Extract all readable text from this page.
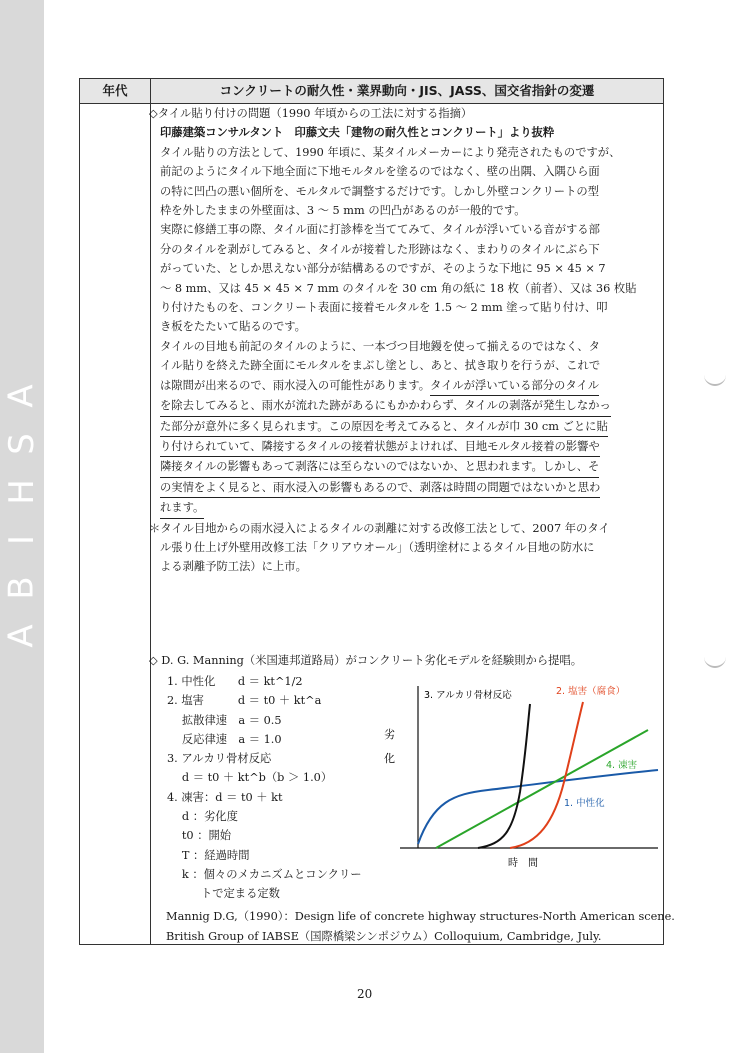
A
S
H
I
B
A
年代	コンクリートの耐久性・業界動向・JIS、JASS、国交省指針の変遷

◇タイル貼り付けの問題（1990 年頃からの工法に対する指摘）

印藤建築コンサルタント　印藤文夫「建物の耐久性とコンクリート」より抜粋

タイル貼りの方法として、1990 年頃に、某タイルメーカーにより発売されたものですが、

前記のようにタイル下地全面に下地モルタルを塗るのではなく、壁の出隅、入隅ひら面

の特に凹凸の悪い個所を、モルタルで調整するだけです。しかし外壁コンクリートの型

枠を外したままの外壁面は、3 ～ 5 mm の凹凸があるのが一般的です。

実際に修繕工事の際、タイル面に打診棒を当ててみて、タイルが浮いている音がする部

分のタイルを剥がしてみると、タイルが接着した形跡はなく、まわりのタイルにぶら下

がっていた、としか思えない部分が結構あるのですが、そのような下地に 95 × 45 × 7

～ 8 mm、又は 45 × 45 × 7 mm のタイルを 30 cm 角の紙に 18 枚（前者）、又は 36 枚貼

り付けたものを、コンクリート表面に接着モルタルを 1.5 ～ 2 mm 塗って貼り付け、叩

き板をたたいて貼るのです。

タイルの目地も前記のタイルのように、一本づつ目地鏝を使って揃えるのではなく、タ

イル貼りを終えた跡全面にモルタルをまぶし塗とし、あと、拭き取りを行うが、これで

は隙間が出来るので、雨水浸入の可能性があります。タイルが浮いている部分のタイル

を除去してみると、雨水が流れた跡があるにもかかわらず、タイルの剥落が発生しなかっ

た部分が意外に多く見られます。この原因を考えてみると、タイルが巾 30 cm ごとに貼

り付けられていて、隣接するタイルの接着状態がよければ、目地モルタル接着の影響や

隣接タイルの影響もあって剥落には至らないのではないか、と思われます。しかし、そ

の実情をよく見ると、雨水浸入の影響もあるので、剥落は時間の問題ではないかと思わ

れます。

＊タイル目地からの雨水浸入によるタイルの剥離に対する改修工法として、2007 年のタイ

ル張り仕上げ外壁用改修工法「クリアウオール」（透明塗材によるタイル目地の防水に

よる剥離予防工法）に上市。

◇ D. G. Manning（米国連邦道路局）がコンクリート劣化モデルを経験則から提唱。

1. 中性化　　d ＝ kt^1/2

2. 塩害　　　d ＝ t0 ＋ kt^a

　 拡散律速　a ＝ 0.5

　 反応律速　a ＝ 1.0

3. アルカリ骨材反応

　 d ＝ t0 ＋ kt^b（b ＞ 1.0）

4. 凍害：d ＝ t0 ＋ kt

　 d ：劣化度

　 t0 ：開始

　 T ：経過時間

　 k ：個々のメカニズムとコンクリー

　　　トで定まる定数

劣
化
3. アルカリ骨材反応	2. 塩害（腐食）
4. 凍害
1. 中性化
時　間

Mannig D.G,（1990）：Design life of concrete highway structures-North American scene.

British Group of IABSE（国際橋梁シンポジウム）Colloquium, Cambridge, July.

20
